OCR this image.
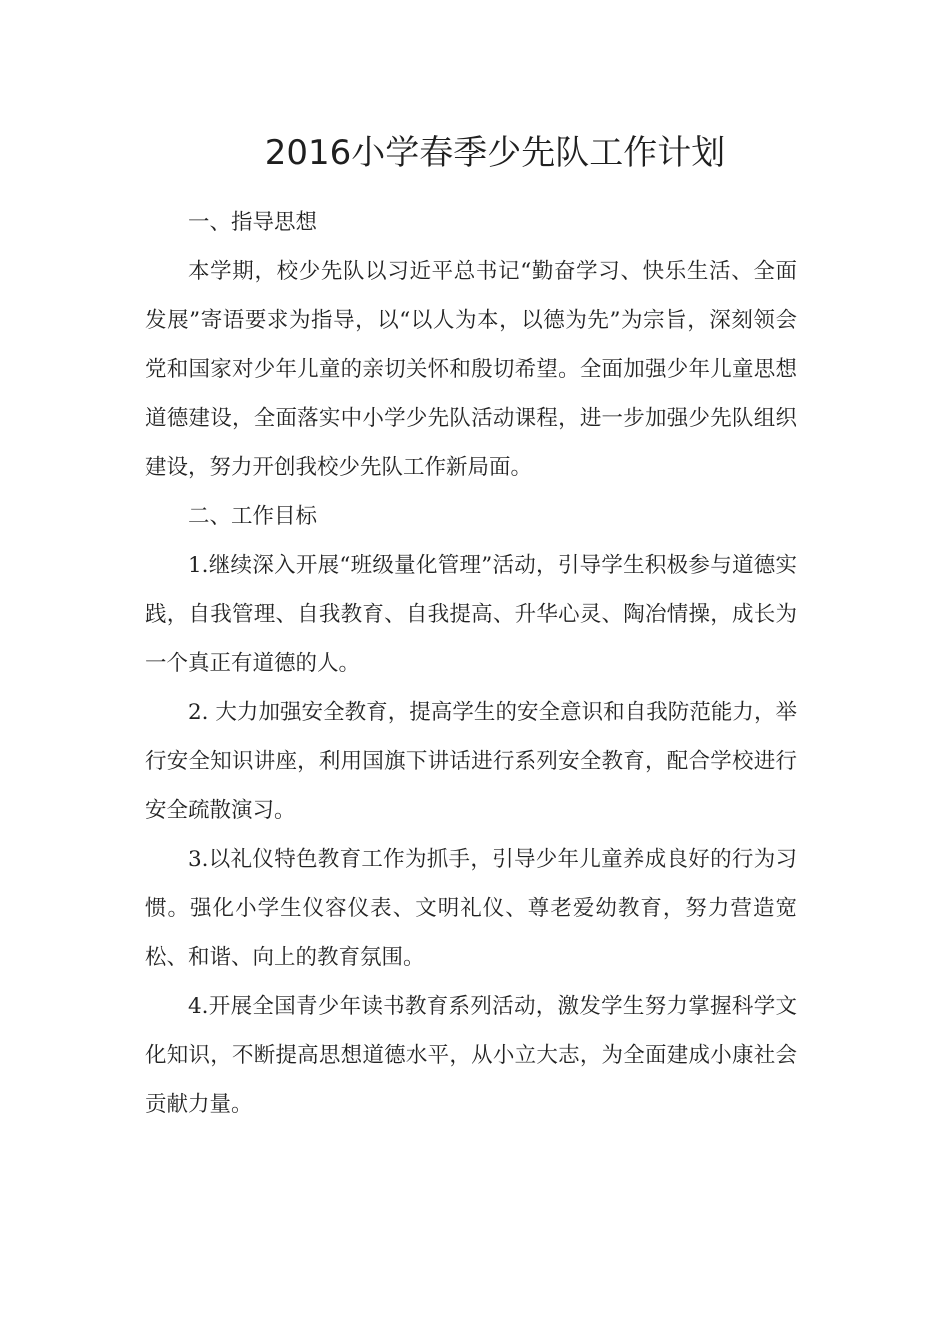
2016小学春季少先队工作计划

一、指导思想

本学期，校少先队以习近平总书记“勤奋学习、快乐生活、全面发展”寄语要求为指导，以“以人为本，以德为先”为宗旨，深刻领会党和国家对少年儿童的亲切关怀和殷切希望。全面加强少年儿童思想道德建设，全面落实中小学少先队活动课程，进一步加强少先队组织建设，努力开创我校少先队工作新局面。

二、工作目标

1.继续深入开展“班级量化管理”活动，引导学生积极参与道德实践，自我管理、自我教育、自我提高、升华心灵、陶冶情操，成长为一个真正有道德的人。

2. 大力加强安全教育，提高学生的安全意识和自我防范能力，举行安全知识讲座，利用国旗下讲话进行系列安全教育，配合学校进行安全疏散演习。

3.以礼仪特色教育工作为抓手，引导少年儿童养成良好的行为习惯。强化小学生仪容仪表、文明礼仪、尊老爱幼教育，努力营造宽松、和谐、向上的教育氛围。

4.开展全国青少年读书教育系列活动，激发学生努力掌握科学文化知识，不断提高思想道德水平，从小立大志，为全面建成小康社会贡献力量。
